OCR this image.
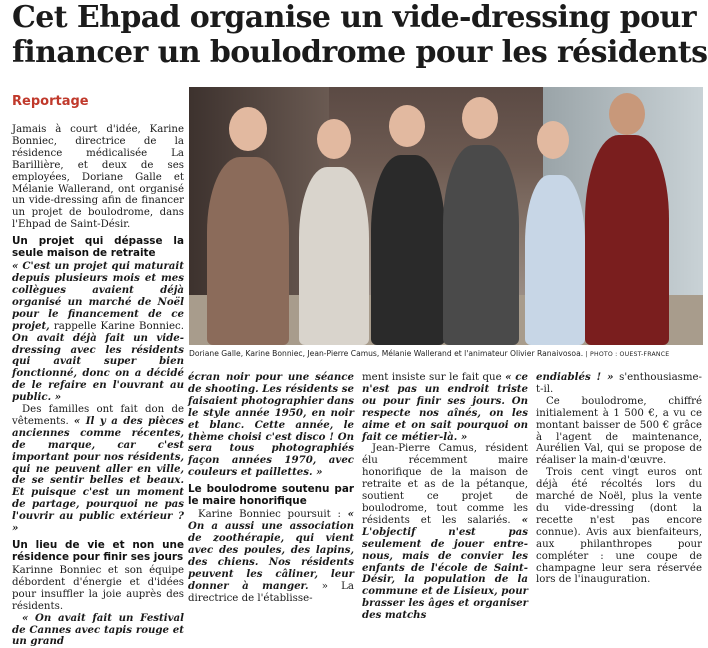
Cet Ehpad organise un vide-dressing pour
financer un boulodrome pour les résidents
Reportage

Jamais à court d'idée, Karine Bonniec, directrice de la résidence médicalisée La Barillière, et deux de ses employées, Doriane Galle et Mélanie Wallerand, ont organisé un vide-dressing afin de financer un projet de boulodrome, dans l'Ehpad de Saint-Désir.

Un projet qui dépasse la seule maison de retraite

« C'est un projet qui maturait depuis plusieurs mois et mes collègues avaient déjà organisé un marché de Noël pour le financement de ce projet, rappelle Karine Bonniec. On avait déjà fait un vide-dressing avec les résidents qui avait super bien fonctionné, donc on a décidé de le refaire en l'ouvrant au public. »

Des familles ont fait don de vêtements. « Il y a des pièces anciennes comme récentes, de marque, car c'est important pour nos résidents, qui ne peuvent aller en ville, de se sentir belles et beaux. Et puisque c'est un moment de partage, pourquoi ne pas l'ouvrir au public extérieur ? »

Un lieu de vie et non une résidence pour finir ses jours

Karinne Bonniec et son équipe débordent d'énergie et d'idées pour insuffler la joie auprès des résidents.

« On avait fait un Festival de Cannes avec tapis rouge et un grand

Doriane Galle, Karine Bonniec, Jean-Pierre Camus, Mélanie Wallerand et l'animateur Olivier Ranaivosoa. | PHOTO : OUEST-FRANCE

écran noir pour une séance de shooting. Les résidents se faisaient photographier dans le style année 1950, en noir et blanc. Cette année, le thème choisi c'est disco ! On sera tous photographiés façon années 1970, avec couleurs et paillettes. »

Le boulodrome soutenu par le maire honorifique

Karine Bonniec poursuit : « On a aussi une association de zoothérapie, qui vient avec des poules, des lapins, des chiens. Nos résidents peuvent les câliner, leur donner à manger. » La directrice de l'établisse-

ment insiste sur le fait que « ce n'est pas un endroit triste ou pour finir ses jours. On respecte nos aînés, on les aime et on sait pourquoi on fait ce métier-là. »

Jean-Pierre Camus, résident élu récemment maire honorifique de la maison de retraite et as de la pétanque, soutient ce projet de boulodrome, tout comme les résidents et les salariés. « L'objectif n'est pas seulement de jouer entre-nous, mais de convier les enfants de l'école de Saint-Désir, la population de la commune et de Lisieux, pour brasser les âges et organiser des matchs

endiablés ! » s'enthousiasme-t-il.

Ce boulodrome, chiffré initialement à 1 500 €, a vu ce montant baisser de 500 € grâce à l'agent de maintenance, Aurélien Val, qui se propose de réaliser la main-d'œuvre.

Trois cent vingt euros ont déjà été récoltés lors du marché de Noël, plus la vente du vide-dressing (dont la recette n'est pas encore connue). Avis aux bienfaiteurs, aux philanthropes pour compléter : une coupe de champagne leur sera réservée lors de l'inauguration.
